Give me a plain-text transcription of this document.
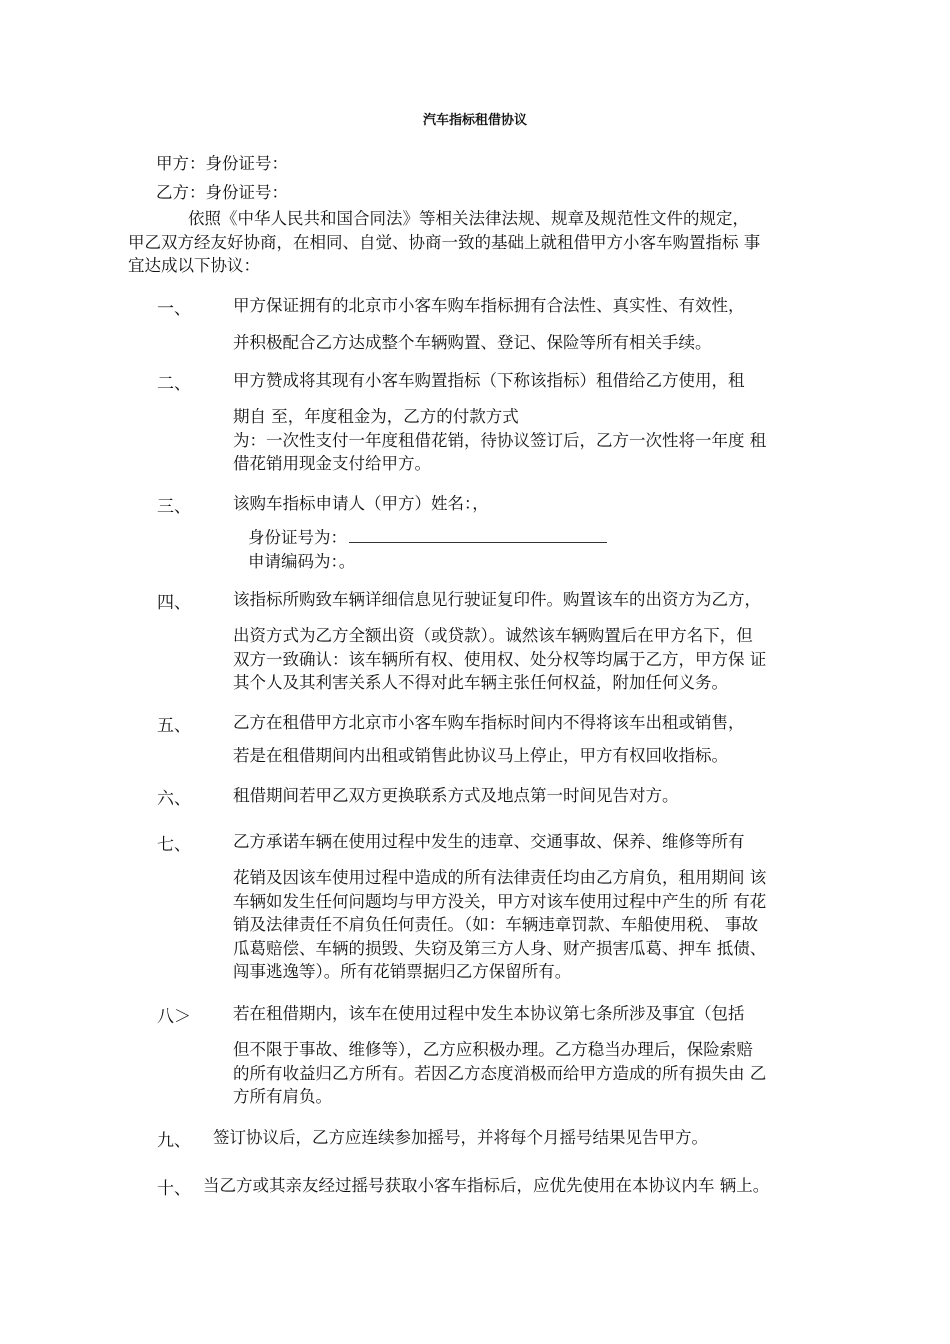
汽车指标租借协议
甲方：身份证号：
乙方：身份证号：
依照《中华人民共和国合同法》等相关法律法规、规章及规范性文件的规定，
甲乙双方经友好协商，在相同、自觉、协商一致的基础上就租借甲方小客车购置指标 事
宜达成以下协议：
一、	甲方保证拥有的北京市小客车购车指标拥有合法性、真实性、有效性，
并积极配合乙方达成整个车辆购置、登记、保险等所有相关手续。
二、	甲方赞成将其现有小客车购置指标（下称该指标）租借给乙方使用，租
期自 至，年度租金为，乙方的付款方式
为：一次性支付一年度租借花销，待协议签订后，乙方一次性将一年度 租
借花销用现金支付给甲方。
三、	该购车指标申请人（甲方）姓名：，
身份证号为：
申请编码为：。
四、	该指标所购致车辆详细信息见行驶证复印件。购置该车的出资方为乙方，
出资方式为乙方全额出资（或贷款）。诚然该车辆购置后在甲方名下，但
双方一致确认：该车辆所有权、使用权、处分权等均属于乙方，甲方保 证
其个人及其利害关系人不得对此车辆主张任何权益，附加任何义务。
五、	乙方在租借甲方北京市小客车购车指标时间内不得将该车出租或销售，
若是在租借期间内出租或销售此协议马上停止，甲方有权回收指标。
六、	租借期间若甲乙双方更换联系方式及地点第一时间见告对方。
七、	乙方承诺车辆在使用过程中发生的违章、交通事故、保养、维修等所有
花销及因该车使用过程中造成的所有法律责任均由乙方肩负，租用期间 该
车辆如发生任何问题均与甲方没关，甲方对该车使用过程中产生的所 有花
销及法律责任不肩负任何责任。（如：车辆违章罚款、车船使用税、 事故
瓜葛赔偿、车辆的损毁、失窃及第三方人身、财产损害瓜葛、押车 抵债、
闯事逃逸等）。所有花销票据归乙方保留所有。
八＞	若在租借期内，该车在使用过程中发生本协议第七条所涉及事宜（包括
但不限于事故、维修等），乙方应积极办理。乙方稳当办理后，保险索赔
的所有收益归乙方所有。若因乙方态度消极而给甲方造成的所有损失由 乙
方所有肩负。
九、 签订协议后，乙方应连续参加摇号，并将每个月摇号结果见告甲方。
十、 当乙方或其亲友经过摇号获取小客车指标后，应优先使用在本协议内车 辆上。
